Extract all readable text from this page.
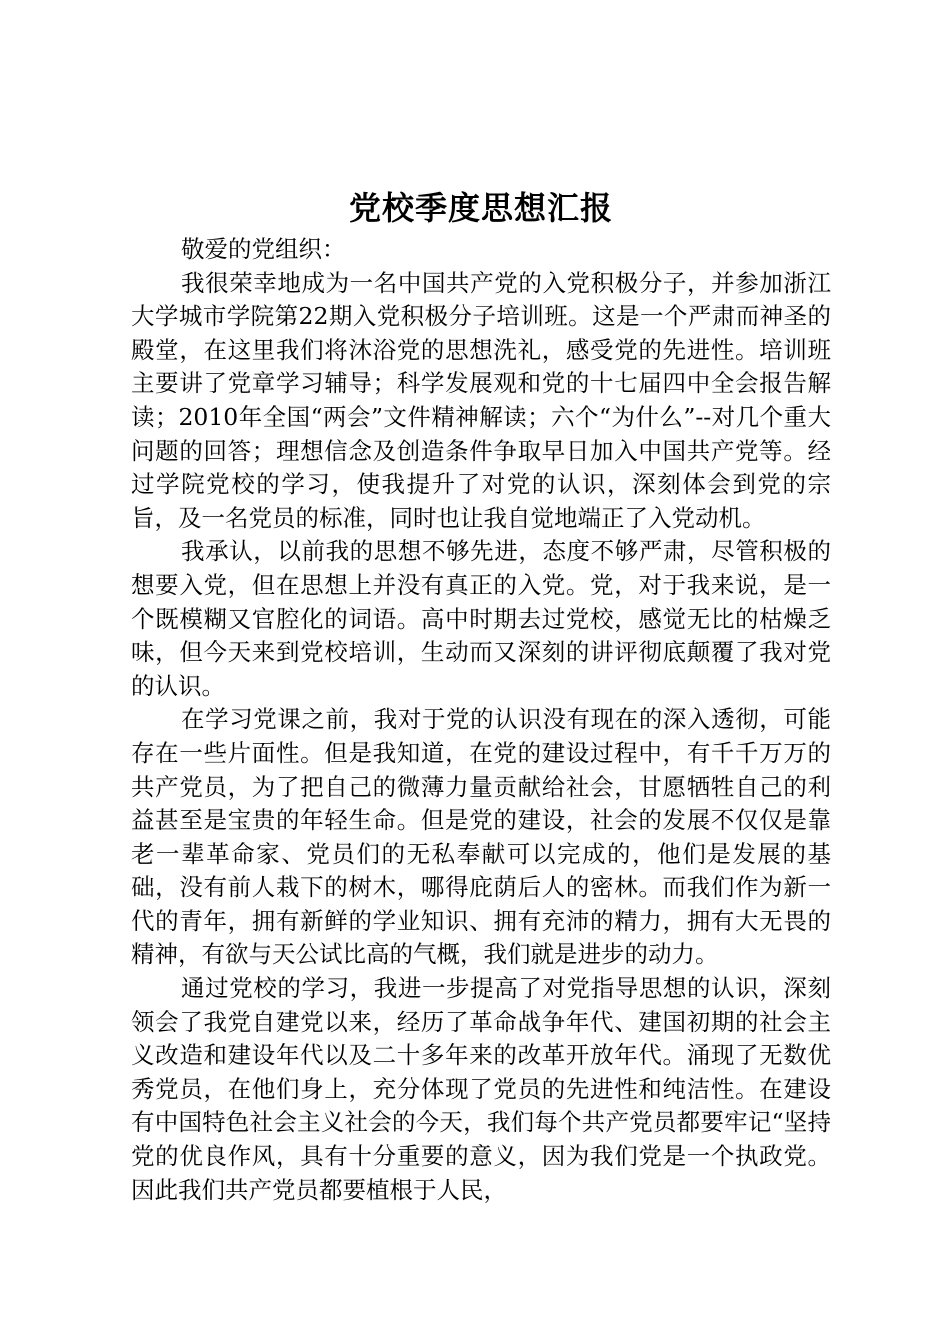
党校季度思想汇报

敬爱的党组织：

我很荣幸地成为一名中国共产党的入党积极分子，并参加浙江大学城市学院第22期入党积极分子培训班。这是一个严肃而神圣的殿堂，在这里我们将沐浴党的思想洗礼，感受党的先进性。培训班主要讲了党章学习辅导；科学发展观和党的十七届四中全会报告解读；2010年全国“两会”文件精神解读；六个“为什么”--对几个重大问题的回答；理想信念及创造条件争取早日加入中国共产党等。经过学院党校的学习，使我提升了对党的认识，深刻体会到党的宗旨，及一名党员的标准，同时也让我自觉地端正了入党动机。

我承认，以前我的思想不够先进，态度不够严肃，尽管积极的想要入党，但在思想上并没有真正的入党。党，对于我来说，是一个既模糊又官腔化的词语。高中时期去过党校，感觉无比的枯燥乏味，但今天来到党校培训，生动而又深刻的讲评彻底颠覆了我对党的认识。

在学习党课之前，我对于党的认识没有现在的深入透彻，可能存在一些片面性。但是我知道，在党的建设过程中，有千千万万的共产党员，为了把自己的微薄力量贡献给社会，甘愿牺牲自己的利益甚至是宝贵的年轻生命。但是党的建设，社会的发展不仅仅是靠老一辈革命家、党员们的无私奉献可以完成的，他们是发展的基础，没有前人栽下的树木，哪得庇荫后人的密林。而我们作为新一代的青年，拥有新鲜的学业知识、拥有充沛的精力，拥有大无畏的精神，有欲与天公试比高的气概，我们就是进步的动力。

通过党校的学习，我进一步提高了对党指导思想的认识，深刻领会了我党自建党以来，经历了革命战争年代、建国初期的社会主义改造和建设年代以及二十多年来的改革开放年代。涌现了无数优秀党员，在他们身上，充分体现了党员的先进性和纯洁性。在建设有中国特色社会主义社会的今天，我们每个共产党员都要牢记“坚持党的优良作风，具有十分重要的意义，因为我们党是一个执政党。因此我们共产党员都要植根于人民，
